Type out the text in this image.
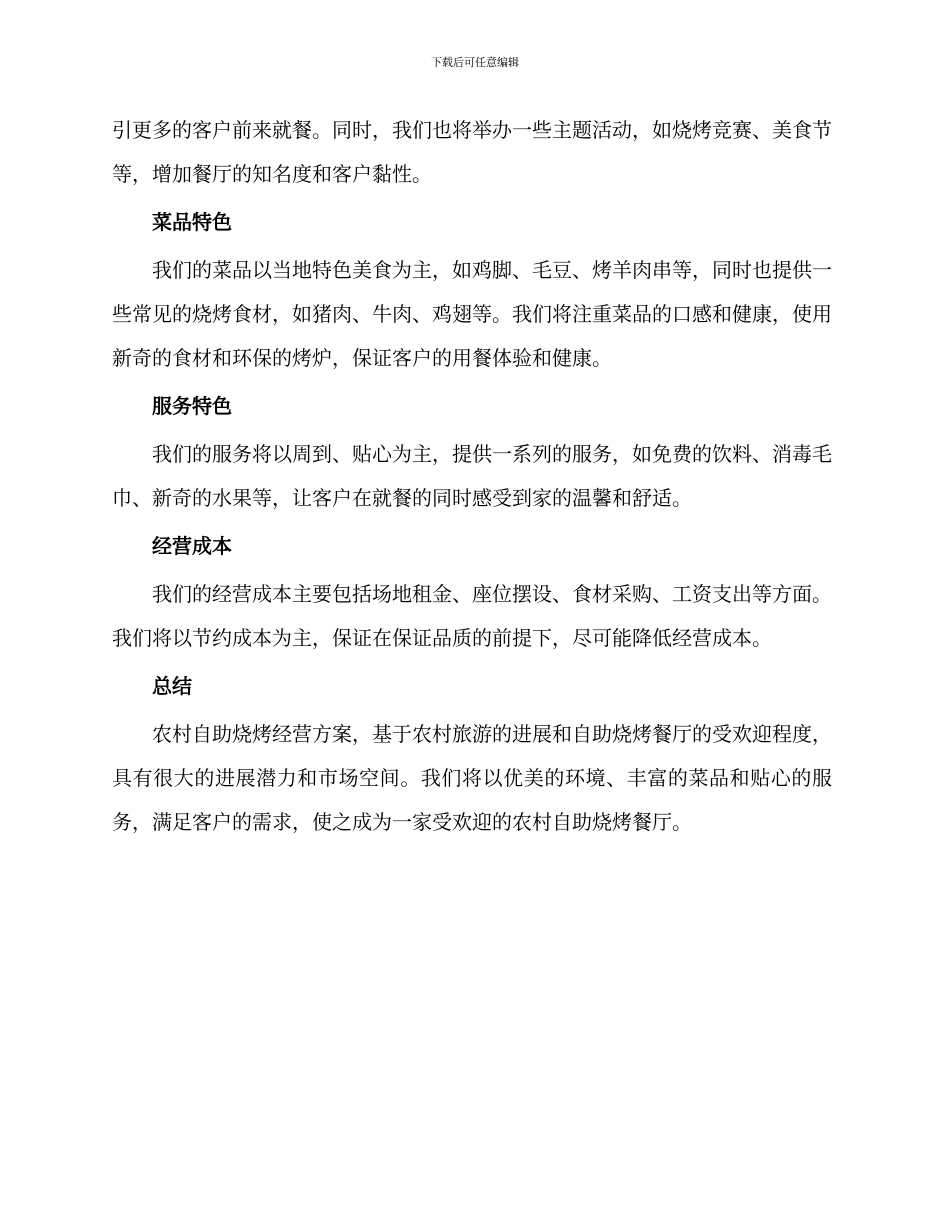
下载后可任意编辑

引更多的客户前来就餐。同时，我们也将举办一些主题活动，如烧烤竞赛、美食节等，增加餐厅的知名度和客户黏性。

菜品特色

我们的菜品以当地特色美食为主，如鸡脚、毛豆、烤羊肉串等，同时也提供一些常见的烧烤食材，如猪肉、牛肉、鸡翅等。我们将注重菜品的口感和健康，使用新奇的食材和环保的烤炉，保证客户的用餐体验和健康。

服务特色

我们的服务将以周到、贴心为主，提供一系列的服务，如免费的饮料、消毒毛巾、新奇的水果等，让客户在就餐的同时感受到家的温馨和舒适。

经营成本

我们的经营成本主要包括场地租金、座位摆设、食材采购、工资支出等方面。我们将以节约成本为主，保证在保证品质的前提下，尽可能降低经营成本。

总结

农村自助烧烤经营方案，基于农村旅游的进展和自助烧烤餐厅的受欢迎程度，具有很大的进展潜力和市场空间。我们将以优美的环境、丰富的菜品和贴心的服务，满足客户的需求，使之成为一家受欢迎的农村自助烧烤餐厅。
